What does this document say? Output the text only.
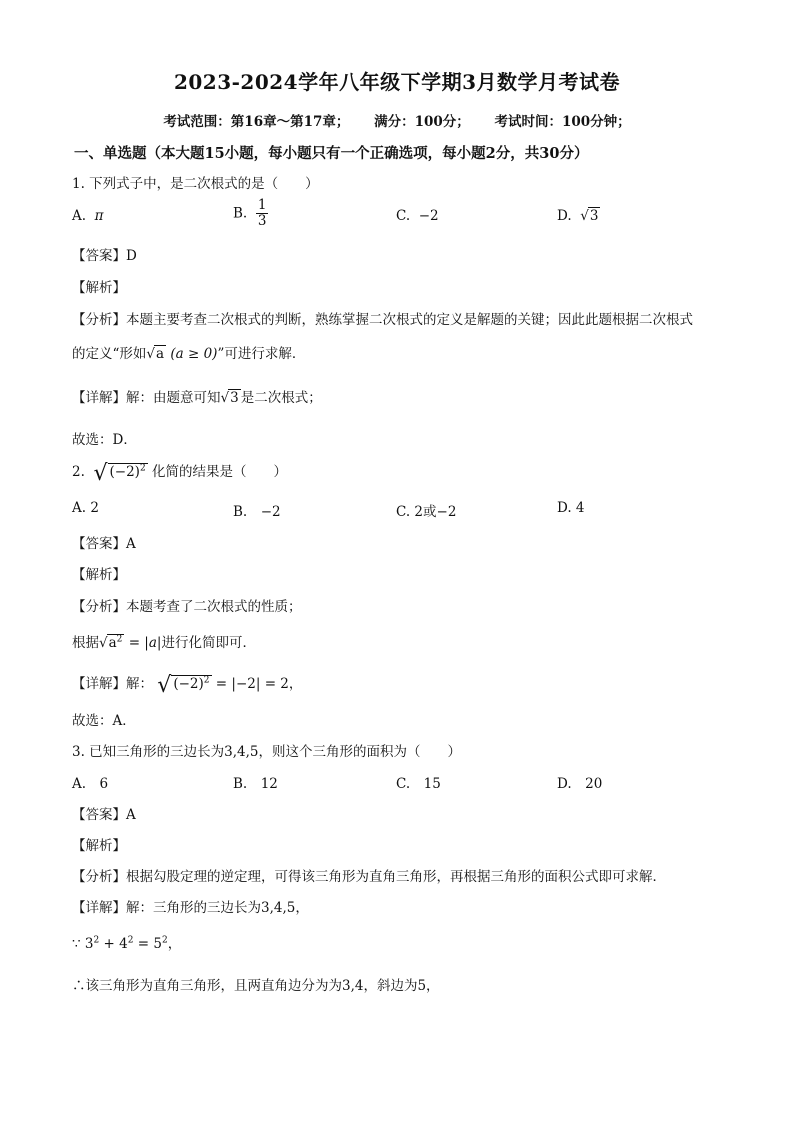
2023-2024学年八年级下学期3月数学月考试卷
考试范围：第16章～第17章； 满分：100分； 考试时间：100分钟；
一、单选题（本大题15小题，每小题只有一个正确选项，每小题2分，共30分）
1. 下列式子中，是二次根式的是（　　）
A. π	B. $\frac{1}{3}$	C. −2	D. √3
【答案】D
【解析】
【分析】本题主要考查二次根式的判断，熟练掌握二次根式的定义是解题的关键；因此此题根据二次根式
的定义“形如√a (a ≥ 0)”可进行求解．
【详解】解：由题意可知√3 是二次根式；
故选：D．
2. √ $(-2)^2$ 化简的结果是（　　）
A. 2	B.　−2	C. 2或−2	D. 4
【答案】A
【解析】
【分析】本题考查了二次根式的性质；
根据$√a^2 = |a|$进行化简即可．
【详解】解： √ $(-2)^2 = |-2| = 2$，
故选：A．
3. 已知三角形的三边长为3,4,5，则这个三角形的面积为（　　）
A.　6	B.　12	C.　15	D.　20
【答案】A
【解析】
【分析】根据勾股定理的逆定理，可得该三角形为直角三角形，再根据三角形的面积公式即可求解．
【详解】解：三角形的三边长为3,4,5，
∵ $3^2 + 4^2 = 5^2$，
∴该三角形为直角三角形，且两直角边分为为3,4，斜边为5，
